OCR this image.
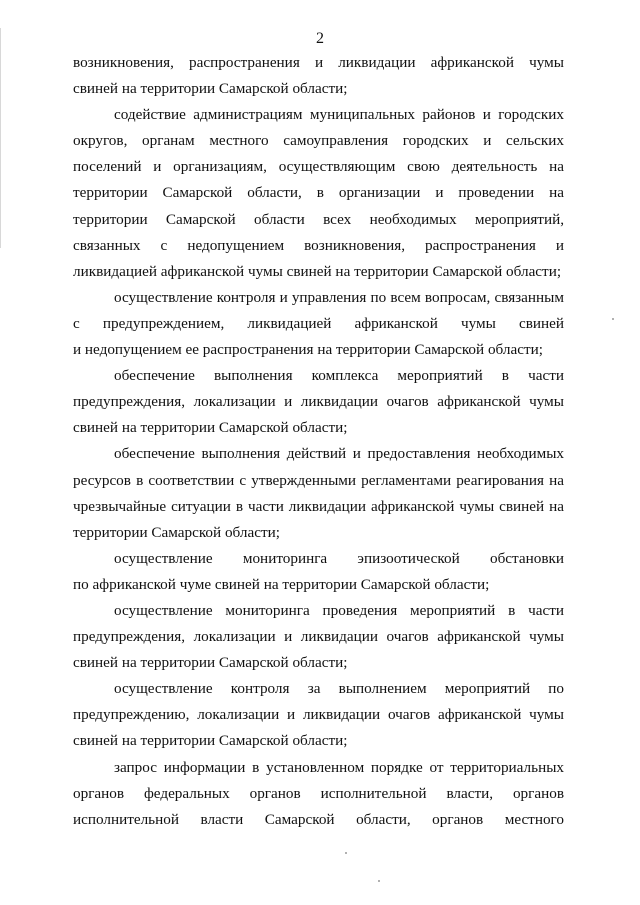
2
возникновения, распространения и ликвидации африканской чумы
свиней на территории Самарской области;
содействие администрациям муниципальных районов и городских
округов, органам местного самоуправления городских и сельских
поселений и организациям, осуществляющим свою деятельность на
территории Самарской области, в организации и проведении на
территории Самарской области всех необходимых мероприятий,
связанных с недопущением возникновения, распространения и
ликвидацией африканской чумы свиней на территории Самарской области;
осуществление контроля и управления по всем вопросам, связанным
с предупреждением, ликвидацией африканской чумы свиней
и недопущением ее распространения на территории Самарской области;
обеспечение выполнения комплекса мероприятий в части
предупреждения, локализации и ликвидации очагов африканской чумы
свиней на территории Самарской области;
обеспечение выполнения действий и предоставления необходимых
ресурсов в соответствии с утвержденными регламентами реагирования на
чрезвычайные ситуации в части ликвидации африканской чумы свиней на
территории Самарской области;
осуществление мониторинга эпизоотической обстановки
по африканской чуме свиней на территории Самарской области;
осуществление мониторинга проведения мероприятий в части
предупреждения, локализации и ликвидации очагов африканской чумы
свиней на территории Самарской области;
осуществление контроля за выполнением мероприятий по
предупреждению, локализации и ликвидации очагов африканской чумы
свиней на территории Самарской области;
запрос информации в установленном порядке от территориальных
органов федеральных органов исполнительной власти, органов
исполнительной власти Самарской области, органов местного
